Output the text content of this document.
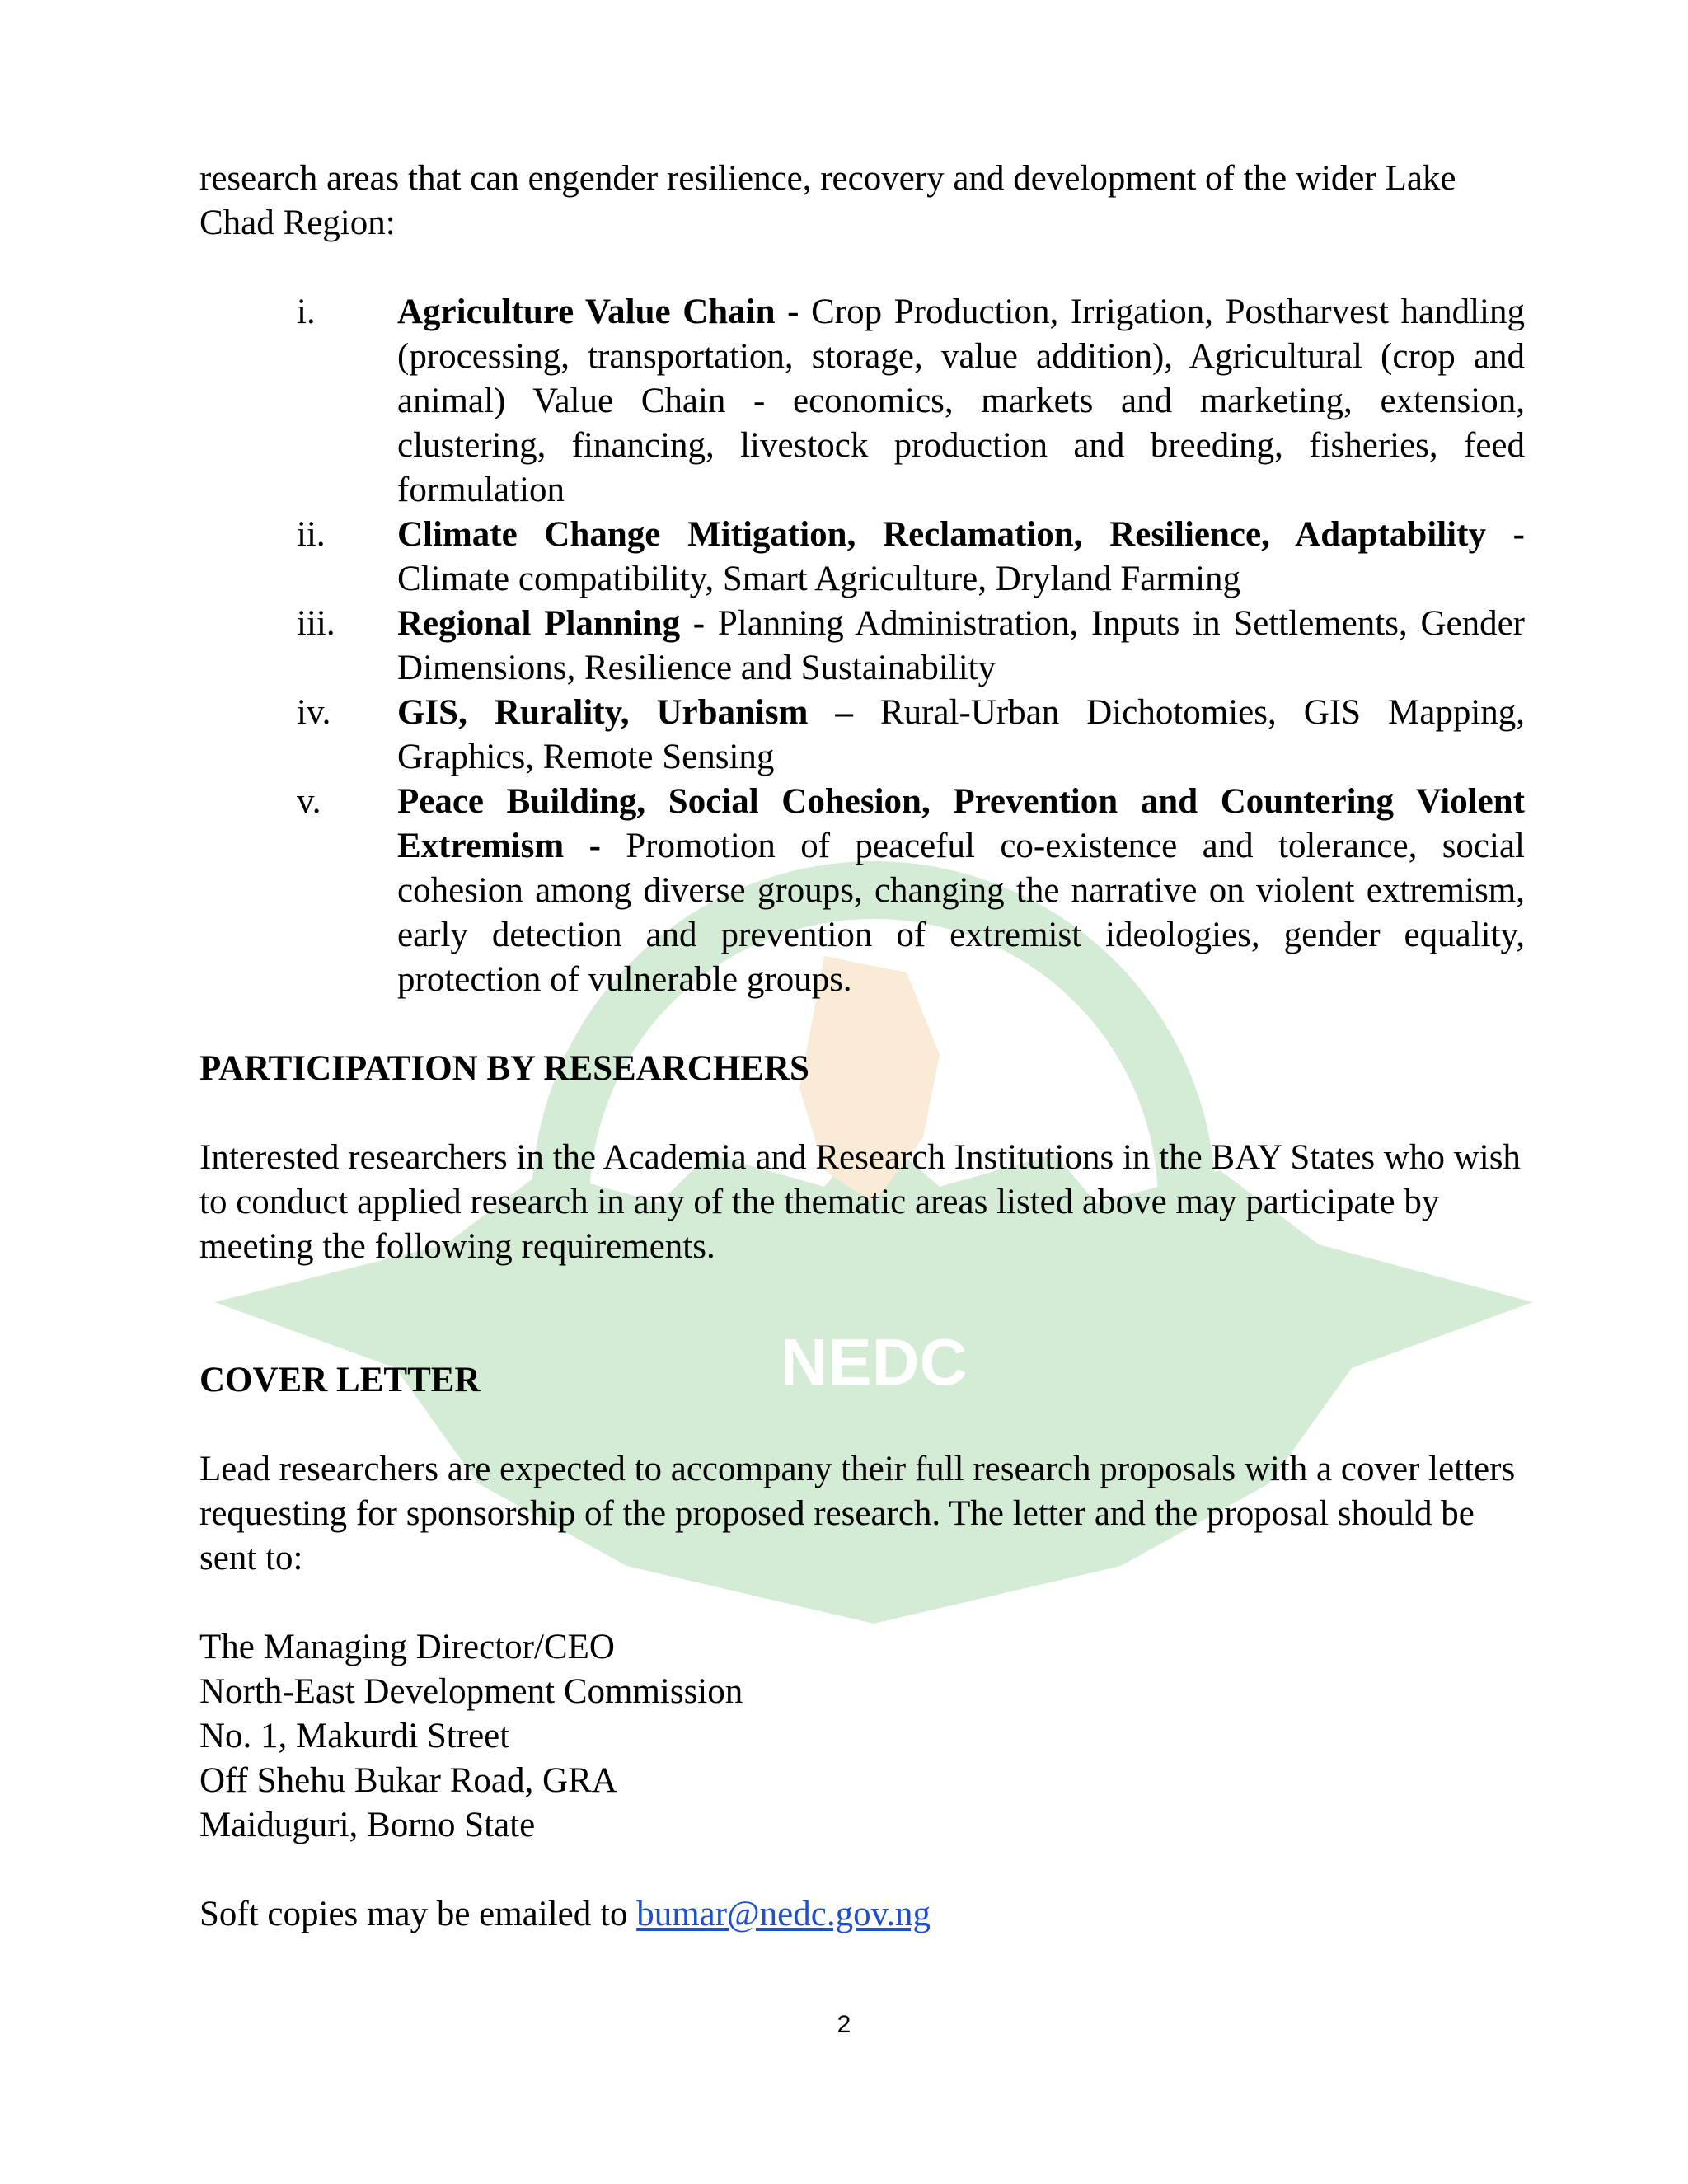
NEDC

research areas that can engender resilience, recovery and development of the wider Lake Chad Region:

i. Agriculture Value Chain - Crop Production, Irrigation, Postharvest handling (processing, transportation, storage, value addition), Agricultural (crop and animal) Value Chain - economics, markets and marketing, extension, clustering, financing, livestock production and breeding, fisheries, feed formulation
ii. Climate Change Mitigation, Reclamation, Resilience, Adaptability - Climate compatibility, Smart Agriculture, Dryland Farming
iii. Regional Planning - Planning Administration, Inputs in Settlements, Gender Dimensions, Resilience and Sustainability
iv. GIS, Rurality, Urbanism – Rural-Urban Dichotomies, GIS Mapping, Graphics, Remote Sensing
v. Peace Building, Social Cohesion, Prevention and Countering Violent Extremism - Promotion of peaceful co-existence and tolerance, social cohesion among diverse groups, changing the narrative on violent extremism, early detection and prevention of extremist ideologies, gender equality, protection of vulnerable groups.
PARTICIPATION BY RESEARCHERS

Interested researchers in the Academia and Research Institutions in the BAY States who wish to conduct applied research in any of the thematic areas listed above may participate by meeting the following requirements.

COVER LETTER

Lead researchers are expected to accompany their full research proposals with a cover letters requesting for sponsorship of the proposed research. The letter and the proposal should be sent to:

The Managing Director/CEO
North-East Development Commission
No. 1, Makurdi Street
Off Shehu Bukar Road, GRA
Maiduguri, Borno State

Soft copies may be emailed to bumar@nedc.gov.ng

2
